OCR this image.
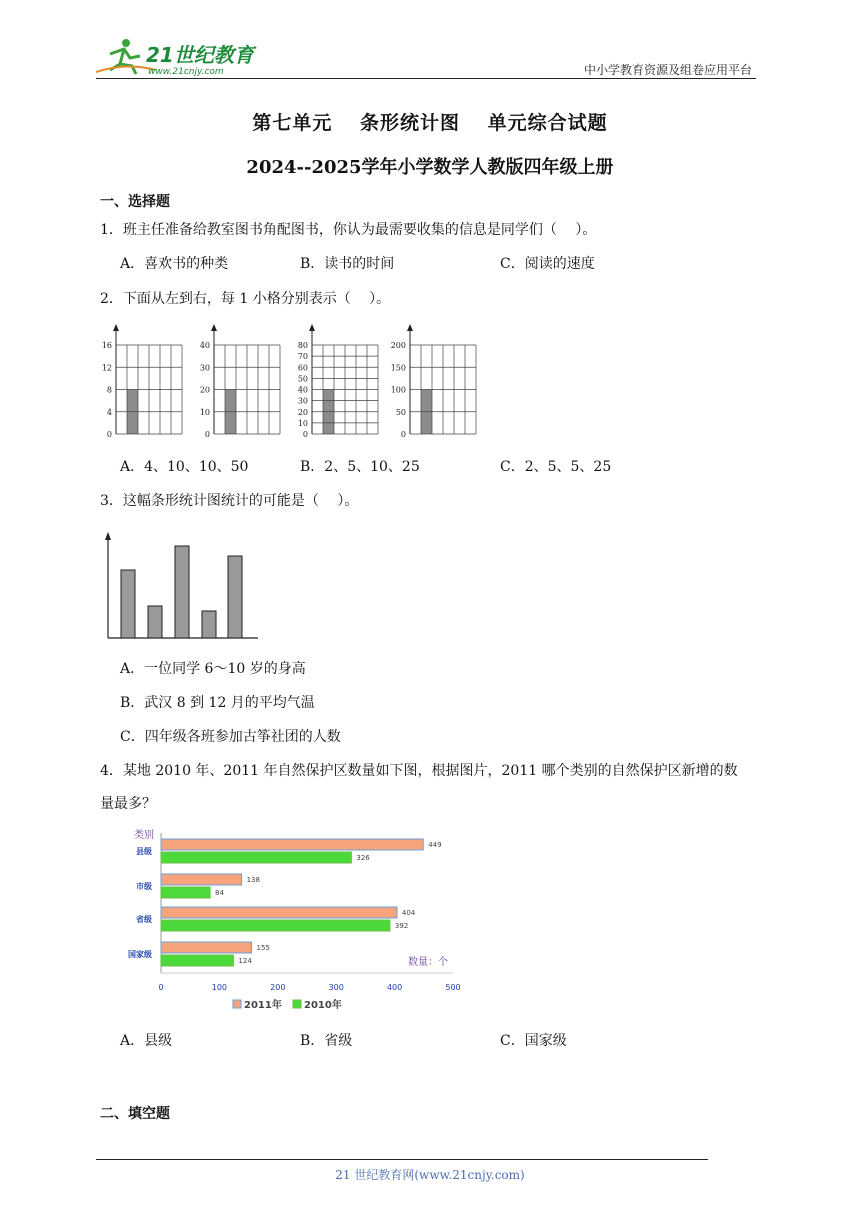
21世纪教育
www.21cnjy.com	中小学教育资源及组卷应用平台
第七单元　 条形统计图　 单元综合试题
2024--2025学年小学数学人教版四年级上册
一、选择题
1．班主任准备给教室图书角配图书，你认为最需要收集的信息是同学们（　 ）。
A．喜欢书的种类	B．读书的时间	C．阅读的速度
2．下面从左到右，每 1 小格分别表示（　 ）。
16
12
8
4
0
40
30
20
10
0
80
70
60
50
40
30
20
10
0
200
150
100
50
0
A．4、10、10、50	B．2、5、10、25	C．2、5、5、25
3．这幅条形统计图统计的可能是（　 ）。
A．一位同学 6～10 岁的身高
B．武汉 8 到 12 月的平均气温
C．四年级各班参加古筝社团的人数
4．某地 2010 年、2011 年自然保护区数量如下图，根据图片，2011 哪个类别的自然保护区新增的数
量最多？
类别
县级
449
326
市级
138
84
省级
404
392
国家级
155
124
0	100	200	300	400	500
数量：个
2011年 2010年
A．县级	B．省级	C．国家级
二、填空题
21 世纪教育网(www.21cnjy.com)
